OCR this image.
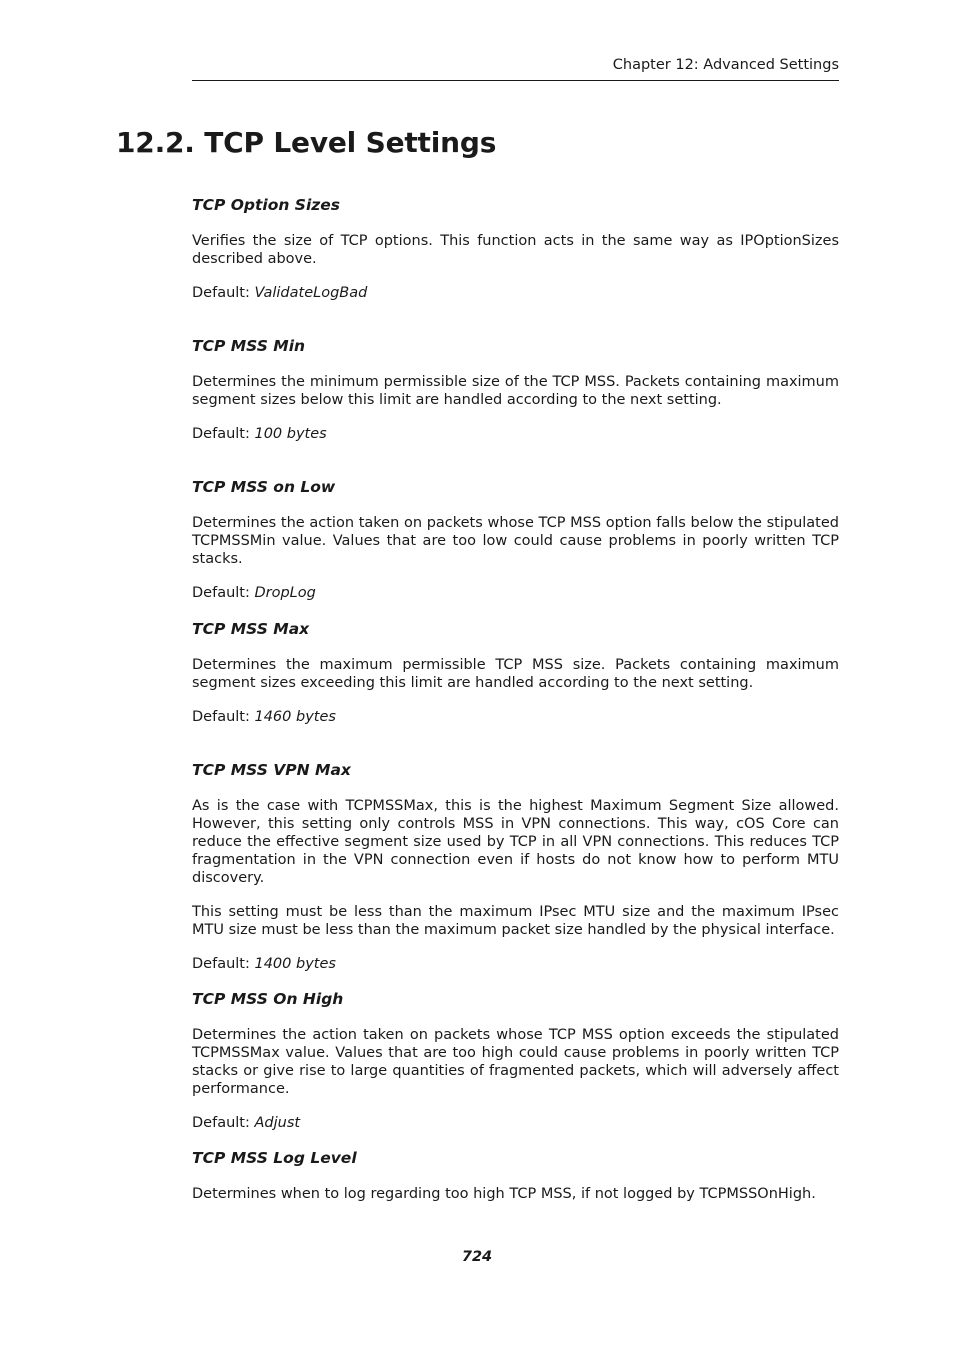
Chapter 12: Advanced Settings
12.2. TCP Level Settings
TCP Option Sizes

Verifies the size of TCP options. This function acts in the same way as IPOptionSizes described above.

Default: ValidateLogBad

TCP MSS Min

Determines the minimum permissible size of the TCP MSS. Packets containing maximum segment sizes below this limit are handled according to the next setting.

Default: 100 bytes

TCP MSS on Low

Determines the action taken on packets whose TCP MSS option falls below the stipulated TCPMSSMin value. Values that are too low could cause problems in poorly written TCP stacks.

Default: DropLog

TCP MSS Max

Determines the maximum permissible TCP MSS size. Packets containing maximum segment sizes exceeding this limit are handled according to the next setting.

Default: 1460 bytes

TCP MSS VPN Max

As is the case with TCPMSSMax, this is the highest Maximum Segment Size allowed. However, this setting only controls MSS in VPN connections. This way, cOS Core can reduce the effective segment size used by TCP in all VPN connections. This reduces TCP fragmentation in the VPN connection even if hosts do not know how to perform MTU discovery.

This setting must be less than the maximum IPsec MTU size and the maximum IPsec MTU size must be less than the maximum packet size handled by the physical interface.

Default: 1400 bytes

TCP MSS On High

Determines the action taken on packets whose TCP MSS option exceeds the stipulated TCPMSSMax value. Values that are too high could cause problems in poorly written TCP stacks or give rise to large quantities of fragmented packets, which will adversely affect performance.

Default: Adjust

TCP MSS Log Level

Determines when to log regarding too high TCP MSS, if not logged by TCPMSSOnHigh.

724
